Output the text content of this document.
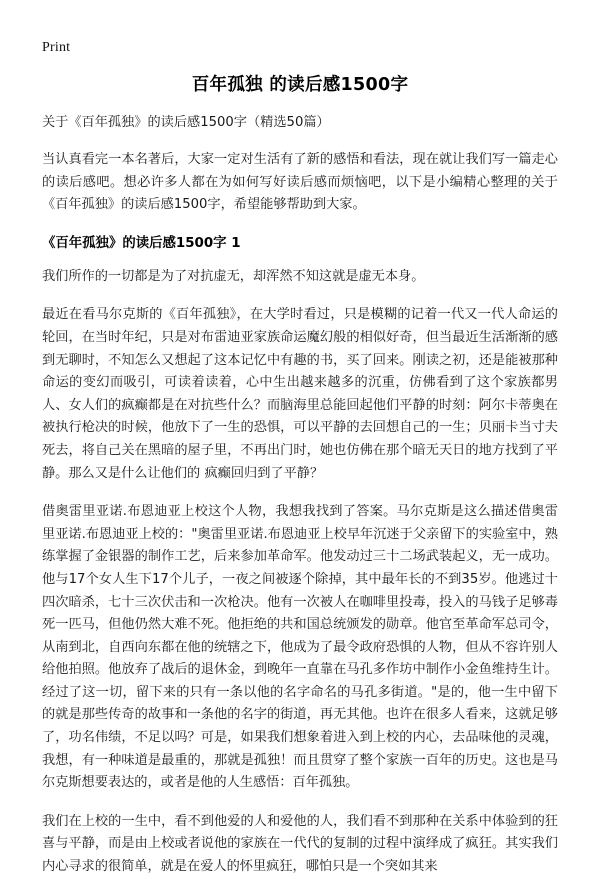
Print
百年孤独 的读后感1500字

关于《百年孤独》的读后感1500字（精选50篇）

当认真看完一本名著后，大家一定对生活有了新的感悟和看法，现在就让我们写一篇走心的读后感吧。想必许多人都在为如何写好读后感而烦恼吧，以下是小编精心整理的关于《百年孤独》的读后感1500字，希望能够帮助到大家。

《百年孤独》的读后感1500字 1

我们所作的一切都是为了对抗虚无，却浑然不知这就是虚无本身。

最近在看马尔克斯的《百年孤独》，在大学时看过，只是模糊的记着一代又一代人命运的轮回，在当时年纪，只是对布雷迪亚家族命运魔幻般的相似好奇，但当最近生活渐渐的感到无聊时，不知怎么又想起了这本记忆中有趣的书，买了回来。刚读之初，还是能被那种命运的变幻而吸引，可读着读着，心中生出越来越多的沉重，仿佛看到了这个家族都男人、女人们的疯癫都是在对抗些什么？而脑海里总能回起他们平静的时刻：阿尔卡蒂奥在被执行枪决的时候，他放下了一生的恐惧，可以平静的去回想自己的一生；贝丽卡当寸夫死去，将自己关在黑暗的屋子里，不再出门时，她也仿佛在那个暗无天日的地方找到了平静。那么又是什么让他们的 疯癫回归到了平静？

借奥雷里亚诺.布恩迪亚上校这个人物，我想我找到了答案。马尔克斯是这么描述借奥雷里亚诺.布恩迪亚上校的："奥雷里亚诺.布恩迪亚上校早年沉迷于父亲留下的实验室中，熟练掌握了金银器的制作工艺，后来参加革命军。他发动过三十二场武装起义，无一成功。他与17个女人生下17个儿子，一夜之间被逐个除掉，其中最年长的不到35岁。他逃过十四次暗杀，七十三次伏击和一次枪决。他有一次被人在咖啡里投毒，投入的马钱子足够毒死一匹马，但他仍然大难不死。他拒绝的共和国总统颁发的勋章。他官至革命军总司令，从南到北，自西向东都在他的统辖之下，他成为了最令政府恐惧的人物，但从不容许别人给他拍照。他放弃了战后的退休金，到晚年一直靠在马孔多作坊中制作小金鱼维持生计。经过了这一切，留下来的只有一条以他的名字命名的马孔多街道。"是的，他一生中留下的就是那些传奇的故事和一条他的名字的街道，再无其他。也许在很多人看来，这就足够了，功名伟绩，不足以吗？可是，如果我们想象着进入到上校的内心，去品味他的灵魂，我想，有一种味道是最重的，那就是孤独！而且贯穿了整个家族一百年的历史。这也是马尔克斯想要表达的，或者是他的人生感悟：百年孤独。

我们在上校的一生中，看不到他爱的人和爱他的人，我们看不到那种在关系中体验到的狂喜与平静，而是由上校或者说他的家族在一代代的复制的过程中演绎成了疯狂。其实我们内心寻求的很简单，就是在爱人的怀里疯狂，哪怕只是一个突如其来
